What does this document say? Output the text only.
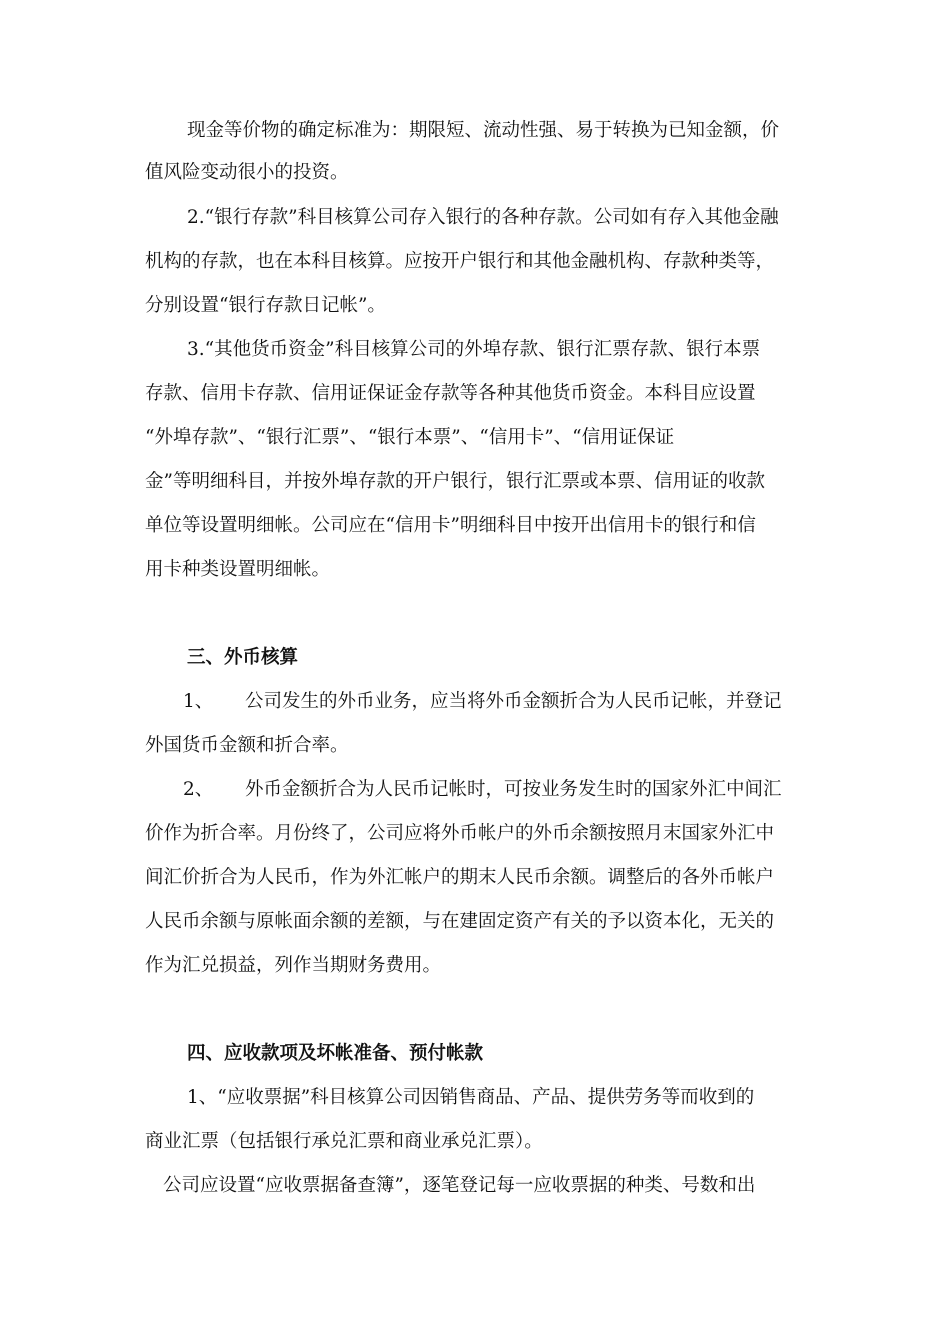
现金等价物的确定标准为：期限短、流动性强、易于转换为已知金额，价
值风险变动很小的投资。
2.“银行存款”科目核算公司存入银行的各种存款。公司如有存入其他金融
机构的存款，也在本科目核算。应按开户银行和其他金融机构、存款种类等，
分别设置“银行存款日记帐”。
3.“其他货币资金”科目核算公司的外埠存款、银行汇票存款、银行本票
存款、信用卡存款、信用证保证金存款等各种其他货币资金。本科目应设置
“外埠存款”、“银行汇票”、“银行本票”、“信用卡”、“信用证保证
金”等明细科目，并按外埠存款的开户银行，银行汇票或本票、信用证的收款
单位等设置明细帐。公司应在“信用卡”明细科目中按开出信用卡的银行和信
用卡种类设置明细帐。
三、外币核算
1、 公司发生的外币业务，应当将外币金额折合为人民币记帐，并登记
外国货币金额和折合率。
2、 外币金额折合为人民币记帐时，可按业务发生时的国家外汇中间汇
价作为折合率。月份终了，公司应将外币帐户的外币余额按照月末国家外汇中
间汇价折合为人民币，作为外汇帐户的期末人民币余额。调整后的各外币帐户
人民币余额与原帐面余额的差额，与在建固定资产有关的予以资本化，无关的
作为汇兑损益，列作当期财务费用。
四、应收款项及坏帐准备、预付帐款
1、“应收票据”科目核算公司因销售商品、产品、提供劳务等而收到的
商业汇票（包括银行承兑汇票和商业承兑汇票）。
公司应设置“应收票据备查簿”，逐笔登记每一应收票据的种类、号数和出
